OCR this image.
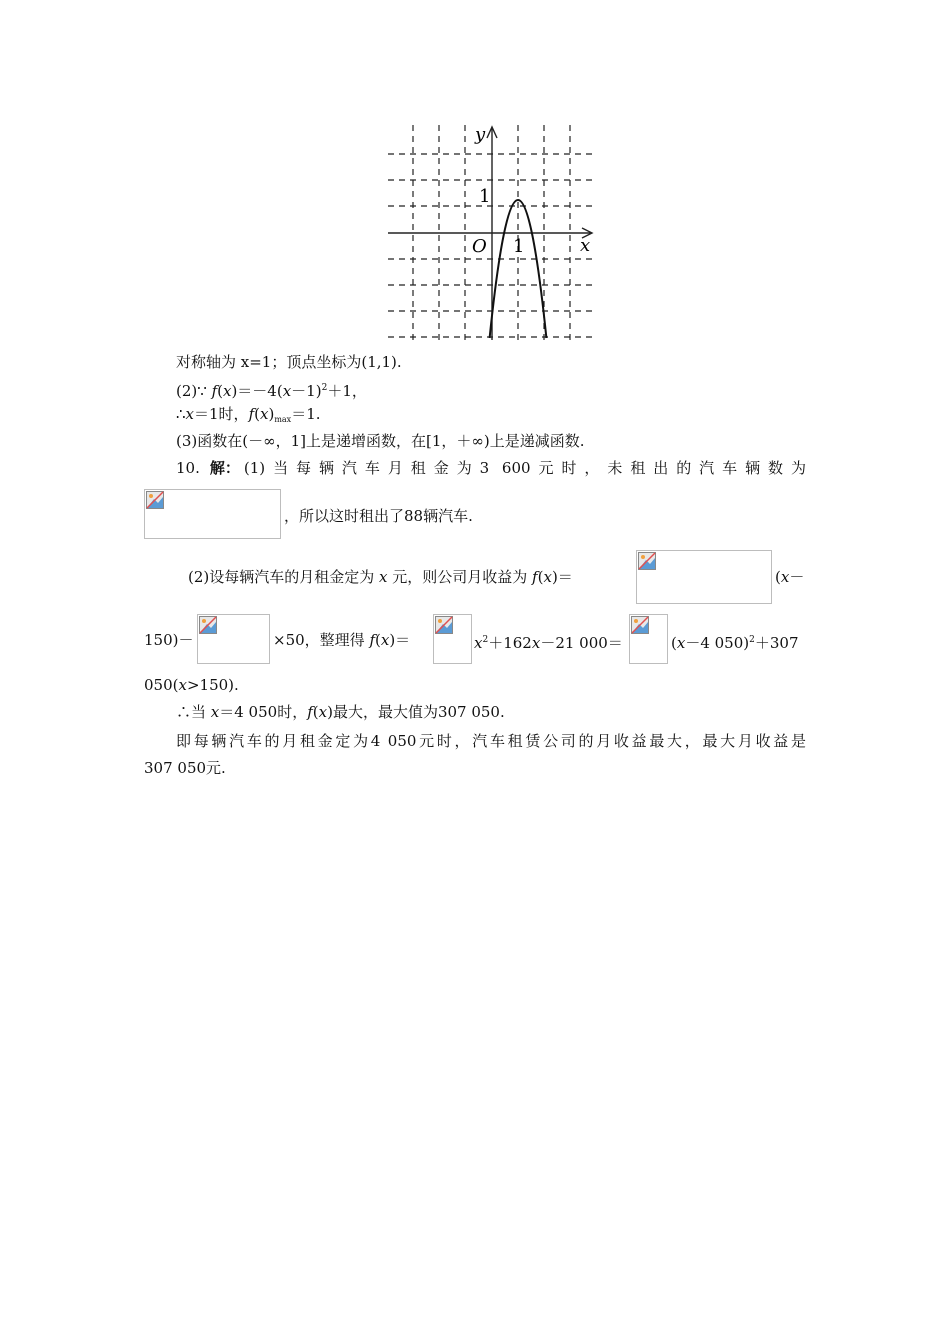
y
x
O
1
1
对称轴为 x=1；顶点坐标为(1,1).
(2)∵ $f(x)=-4(x-1)^2+1$，
∴x＝1时，$f(x)_{max}=1$.
(3)函数在(－∞，1]上是递增函数，在[1，＋∞)上是递减函数.
10. 解： (1)当每辆汽车月租金为3 600元时，未租出的汽车辆数为
，所以这时租出了88辆汽车.
(2)设每辆汽车的月租金定为 x 元，则公司月收益为 f(x)＝	(x－
150)－	×50，整理得 f(x)＝	$x^2+162x-21$ 000＝	(x－4 050)$^2$＋307
050(x>150).
∴当 x＝4 050时，f(x)最大，最大值为307 050.
即每辆汽车的月租金定为4 050元时，汽车租赁公司的月收益最大，最大月收益是
307 050元.
